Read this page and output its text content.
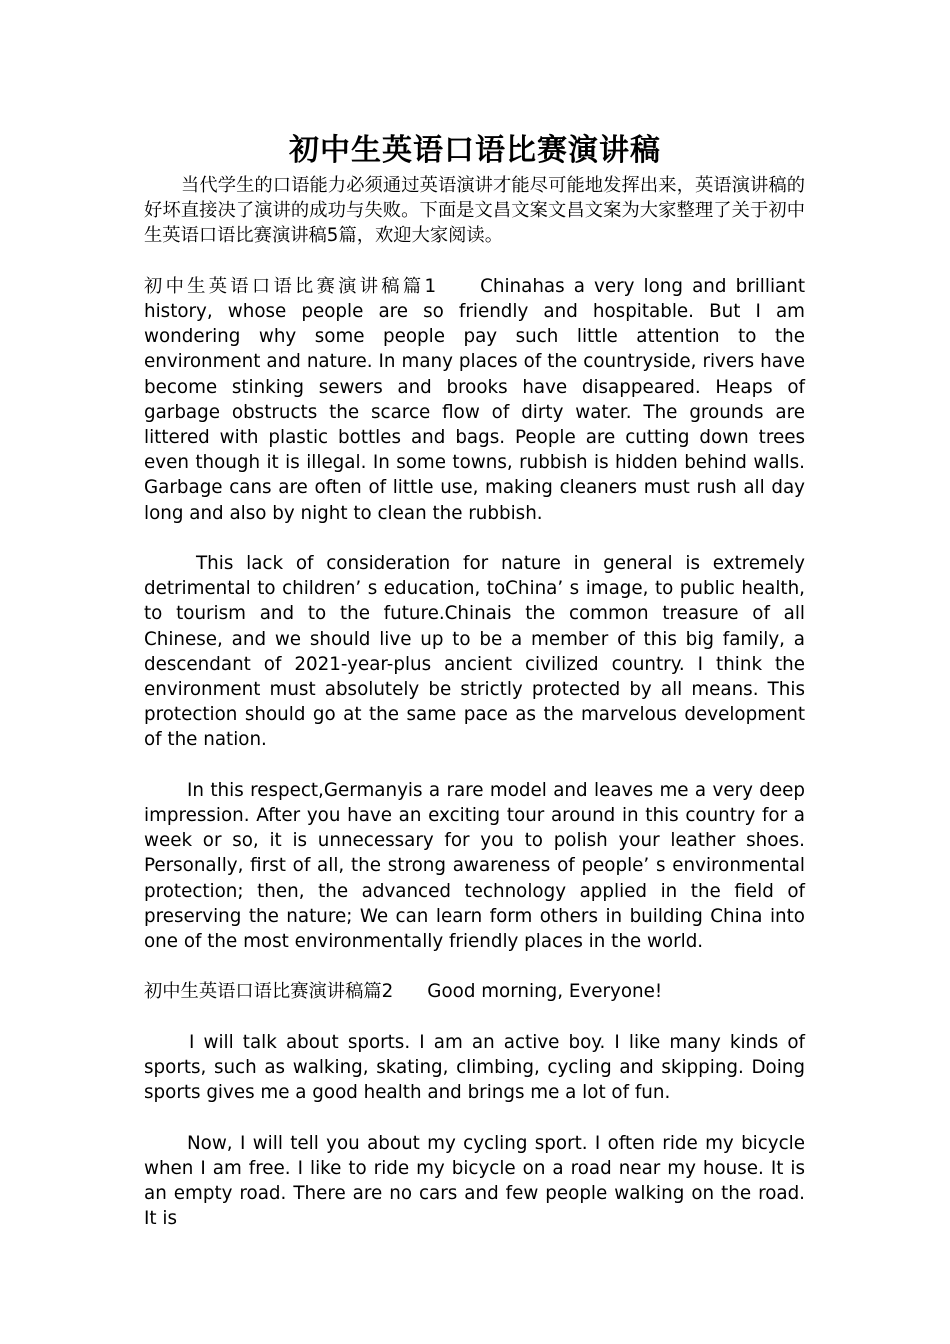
初中生英语口语比赛演讲稿

当代学生的口语能力必须通过英语演讲才能尽可能地发挥出来，英语演讲稿的好坏直接决了演讲的成功与失败。下面是文昌文案文昌文案为大家整理了关于初中生英语口语比赛演讲稿5篇，欢迎大家阅读。

初中生英语口语比赛演讲稿篇1 Chinahas a very long and brilliant history, whose people are so friendly and hospitable. But I am wondering why some people pay such little attention to the environment and nature. In many places of the countryside, rivers have become stinking sewers and brooks have disappeared. Heaps of garbage obstructs the scarce flow of dirty water. The grounds are littered with plastic bottles and bags. People are cutting down trees even though it is illegal. In some towns, rubbish is hidden behind walls. Garbage cans are often of little use, making cleaners must rush all day long and also by night to clean the rubbish.

This lack of consideration for nature in general is extremely detrimental to children’ s education, toChina’ s image, to public health, to tourism and to the future.Chinais the common treasure of all Chinese, and we should live up to be a member of this big family, a descendant of 2021-year-plus ancient civilized country. I think the environment must absolutely be strictly protected by all means. This protection should go at the same pace as the marvelous development of the nation.

In this respect,Germanyis a rare model and leaves me a very deep impression. After you have an exciting tour around in this country for a week or so, it is unnecessary for you to polish your leather shoes. Personally, first of all, the strong awareness of people’ s environmental protection; then, the advanced technology applied in the field of preserving the nature; We can learn form others in building China into one of the most environmentally friendly places in the world.

初中生英语口语比赛演讲稿篇2 Good morning, Everyone!

I will talk about sports. I am an active boy. I like many kinds of sports, such as walking, skating, climbing, cycling and skipping. Doing sports gives me a good health and brings me a lot of fun.

Now, I will tell you about my cycling sport. I often ride my bicycle when I am free. I like to ride my bicycle on a road near my house. It is an empty road. There are no cars and few people walking on the road. It is
